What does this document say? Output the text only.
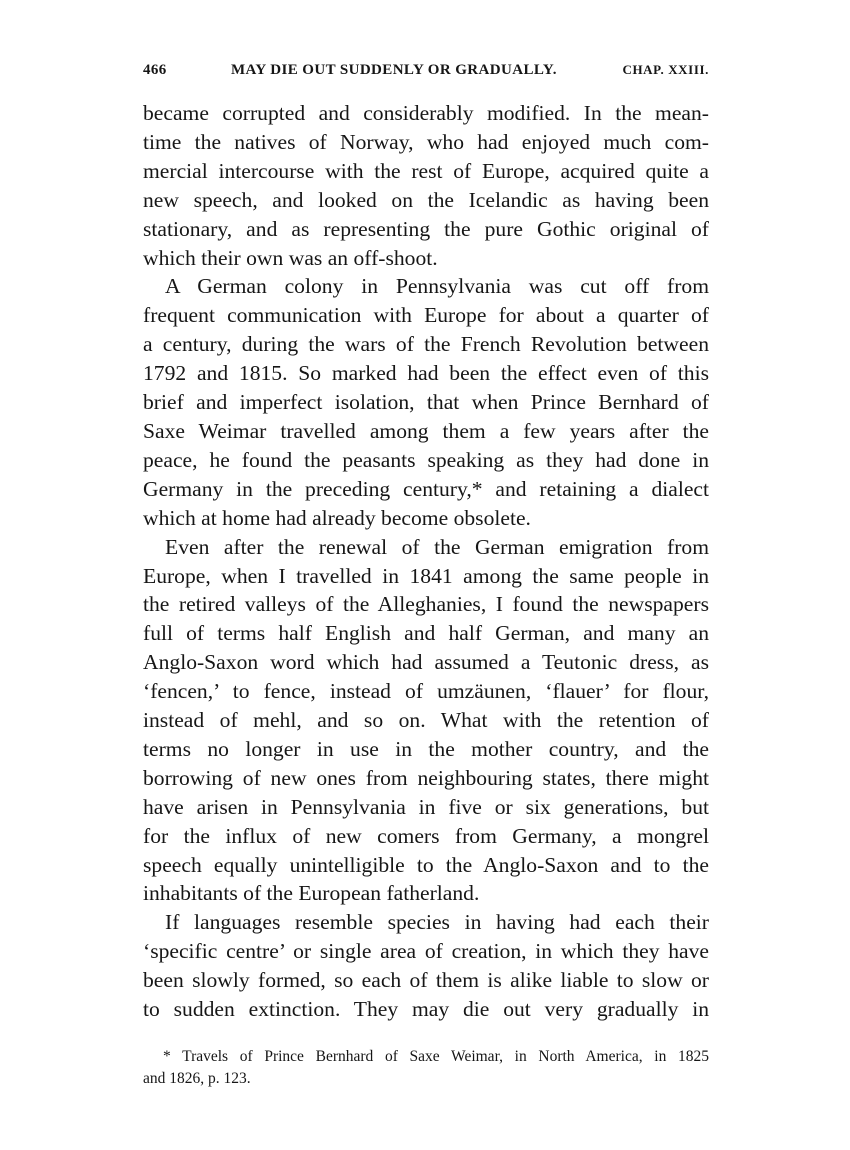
466	MAY DIE OUT SUDDENLY OR GRADUALLY.	CHAP. XXIII.
became corrupted and considerably modified. In the mean-
time the natives of Norway, who had enjoyed much com-
mercial intercourse with the rest of Europe, acquired quite a
new speech, and looked on the Icelandic as having been
stationary, and as representing the pure Gothic original of
which their own was an off-shoot.
A German colony in Pennsylvania was cut off from
frequent communication with Europe for about a quarter of
a century, during the wars of the French Revolution between
1792 and 1815. So marked had been the effect even of this
brief and imperfect isolation, that when Prince Bernhard of
Saxe Weimar travelled among them a few years after the
peace, he found the peasants speaking as they had done in
Germany in the preceding century,* and retaining a dialect
which at home had already become obsolete.
Even after the renewal of the German emigration from
Europe, when I travelled in 1841 among the same people in
the retired valleys of the Alleghanies, I found the newspapers
full of terms half English and half German, and many an
Anglo-Saxon word which had assumed a Teutonic dress, as
‘fencen,’ to fence, instead of umzäunen, ‘flauer’ for flour,
instead of mehl, and so on. What with the retention of
terms no longer in use in the mother country, and the
borrowing of new ones from neighbouring states, there might
have arisen in Pennsylvania in five or six generations, but
for the influx of new comers from Germany, a mongrel
speech equally unintelligible to the Anglo-Saxon and to the
inhabitants of the European fatherland.
If languages resemble species in having had each their
‘specific centre’ or single area of creation, in which they have
been slowly formed, so each of them is alike liable to slow or
to sudden extinction. They may die out very gradually in
* Travels of Prince Bernhard of Saxe Weimar, in North America, in 1825
and 1826, p. 123.
